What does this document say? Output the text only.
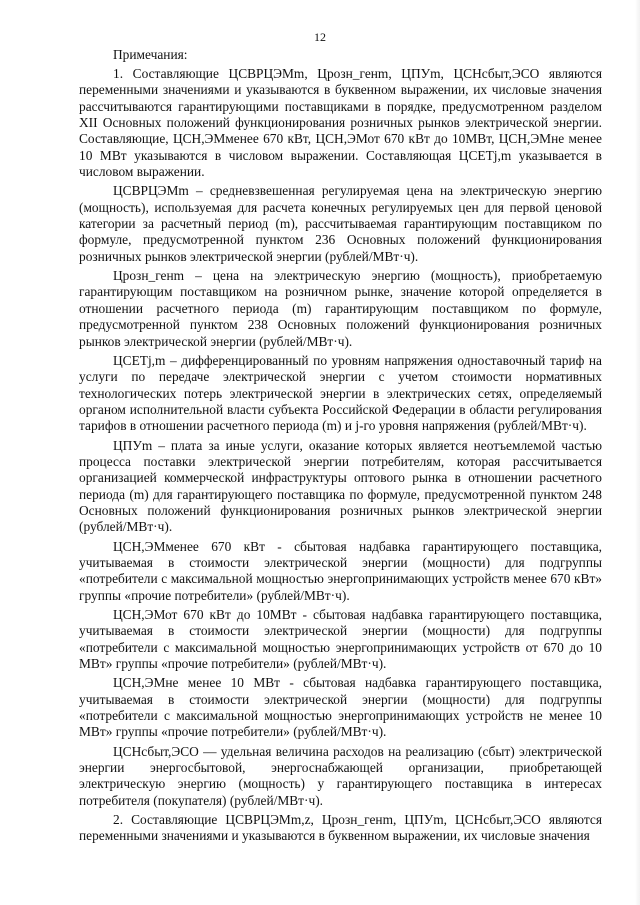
12

Примечания:

1. Составляющие ЦСВРЦЭМm, Црозн_генm, ЦПУm, ЦСНсбыт,ЭСО являются переменными значениями и указываются в буквенном выражении, их числовые значения рассчитываются гарантирующими поставщиками в порядке, предусмотренном разделом XII Основных положений функционирования розничных рынков электрической энергии. Составляющие, ЦСН,ЭМменее 670 кВт, ЦСН,ЭМот 670 кВт до 10МВт, ЦСН,ЭМне менее 10 МВт указываются в числовом выражении. Составляющая ЦСЕТj,m указывается в числовом выражении.

ЦСВРЦЭМm – средневзвешенная регулируемая цена на электрическую энергию (мощность), используемая для расчета конечных регулируемых цен для первой ценовой категории за расчетный период (m), рассчитываемая гарантирующим поставщиком по формуле, предусмотренной пунктом 236 Основных положений функционирования розничных рынков электрической энергии (рублей/МВт·ч).

Црозн_генm – цена на электрическую энергию (мощность), приобретаемую гарантирующим поставщиком на розничном рынке, значение которой определяется в отношении расчетного периода (m) гарантирующим поставщиком по формуле, предусмотренной пунктом 238 Основных положений функционирования розничных рынков электрической энергии (рублей/МВт·ч).

ЦСЕТj,m – дифференцированный по уровням напряжения одноставочный тариф на услуги по передаче электрической энергии с учетом стоимости нормативных технологических потерь электрической энергии в электрических сетях, определяемый органом исполнительной власти субъекта Российской Федерации в области регулирования тарифов в отношении расчетного периода (m) и j-го уровня напряжения (рублей/МВт·ч).

ЦПУm – плата за иные услуги, оказание которых является неотъемлемой частью процесса поставки электрической энергии потребителям, которая рассчитывается организацией коммерческой инфраструктуры оптового рынка в отношении расчетного периода (m) для гарантирующего поставщика по формуле, предусмотренной пунктом 248 Основных положений функционирования розничных рынков электрической энергии (рублей/МВт·ч).

ЦСН,ЭМменее 670 кВт - сбытовая надбавка гарантирующего поставщика, учитываемая в стоимости электрической энергии (мощности) для подгруппы «потребители с максимальной мощностью энергопринимающих устройств менее 670 кВт» группы «прочие потребители» (рублей/МВт·ч).

ЦСН,ЭМот 670 кВт до 10МВт - сбытовая надбавка гарантирующего поставщика, учитываемая в стоимости электрической энергии (мощности) для подгруппы «потребители с максимальной мощностью энергопринимающих устройств от 670 до 10 МВт» группы «прочие потребители» (рублей/МВт·ч).

ЦСН,ЭМне менее 10 МВт - сбытовая надбавка гарантирующего поставщика, учитываемая в стоимости электрической энергии (мощности) для подгруппы «потребители с максимальной мощностью энергопринимающих устройств не менее 10 МВт» группы «прочие потребители» (рублей/МВт·ч).

ЦСНсбыт,ЭСО — удельная величина расходов на реализацию (сбыт) электрической энергии энергосбытовой, энергоснабжающей организации, приобретающей электрическую энергию (мощность) у гарантирующего поставщика в интересах потребителя (покупателя) (рублей/МВт·ч).

2. Составляющие ЦСВРЦЭМm,z, Црозн_генm, ЦПУm, ЦСНсбыт,ЭСО являются переменными значениями и указываются в буквенном выражении, их числовые значения
